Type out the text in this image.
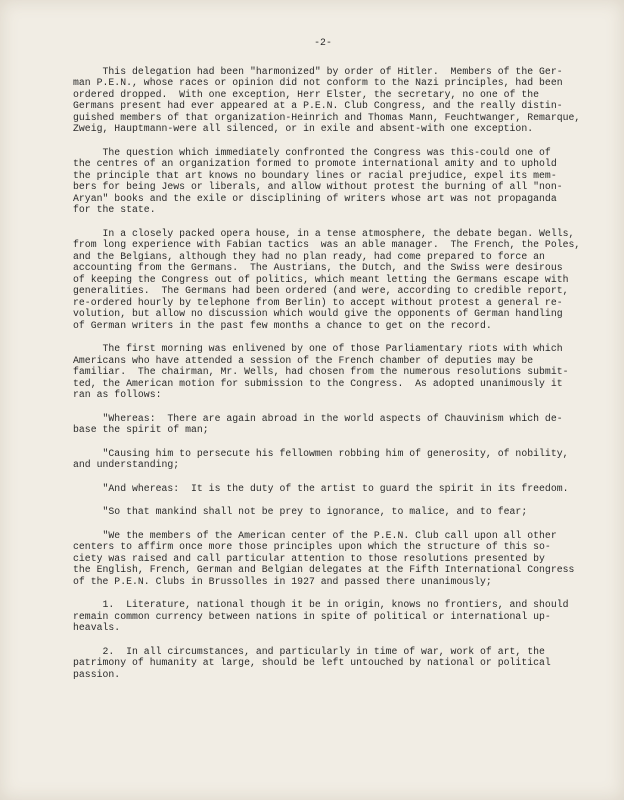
-2-
This delegation had been "harmonized" by order of Hitler.  Members of the Ger-
man P.E.N., whose races or opinion did not conform to the Nazi principles, had been
ordered dropped.  With one exception, Herr Elster, the secretary, no one of the
Germans present had ever appeared at a P.E.N. Club Congress, and the really distin-
guished members of that organization-Heinrich and Thomas Mann, Feuchtwanger, Remarque,
Zweig, Hauptmann-were all silenced, or in exile and absent-with one exception.
The question which immediately confronted the Congress was this-could one of
the centres of an organization formed to promote international amity and to uphold
the principle that art knows no boundary lines or racial prejudice, expel its mem-
bers for being Jews or liberals, and allow without protest the burning of all "non-
Aryan" books and the exile or disciplining of writers whose art was not propaganda
for the state.
In a closely packed opera house, in a tense atmosphere, the debate began. Wells,
from long experience with Fabian tactics  was an able manager.  The French, the Poles,
and the Belgians, although they had no plan ready, had come prepared to force an
accounting from the Germans.  The Austrians, the Dutch, and the Swiss were desirous
of keeping the Congress out of politics, which meant letting the Germans escape with
generalities.  The Germans had been ordered (and were, according to credible report,
re-ordered hourly by telephone from Berlin) to accept without protest a general re-
volution, but allow no discussion which would give the opponents of German handling
of German writers in the past few months a chance to get on the record.
The first morning was enlivened by one of those Parliamentary riots with which
Americans who have attended a session of the French chamber of deputies may be
familiar.  The chairman, Mr. Wells, had chosen from the numerous resolutions submit-
ted, the American motion for submission to the Congress.  As adopted unanimously it
ran as follows:
"Whereas:  There are again abroad in the world aspects of Chauvinism which de-
base the spirit of man;
"Causing him to persecute his fellowmen robbing him of generosity, of nobility,
and understanding;
"And whereas:  It is the duty of the artist to guard the spirit in its freedom.
"So that mankind shall not be prey to ignorance, to malice, and to fear;
"We the members of the American center of the P.E.N. Club call upon all other
centers to affirm once more those principles upon which the structure of this so-
ciety was raised and call particular attention to those resolutions presented by
the English, French, German and Belgian delegates at the Fifth International Congress
of the P.E.N. Clubs in Brussolles in 1927 and passed there unanimously;
1.  Literature, national though it be in origin, knows no frontiers, and should
remain common currency between nations in spite of political or international up-
heavals.
2.  In all circumstances, and particularly in time of war, work of art, the
patrimony of humanity at large, should be left untouched by national or political
passion.
